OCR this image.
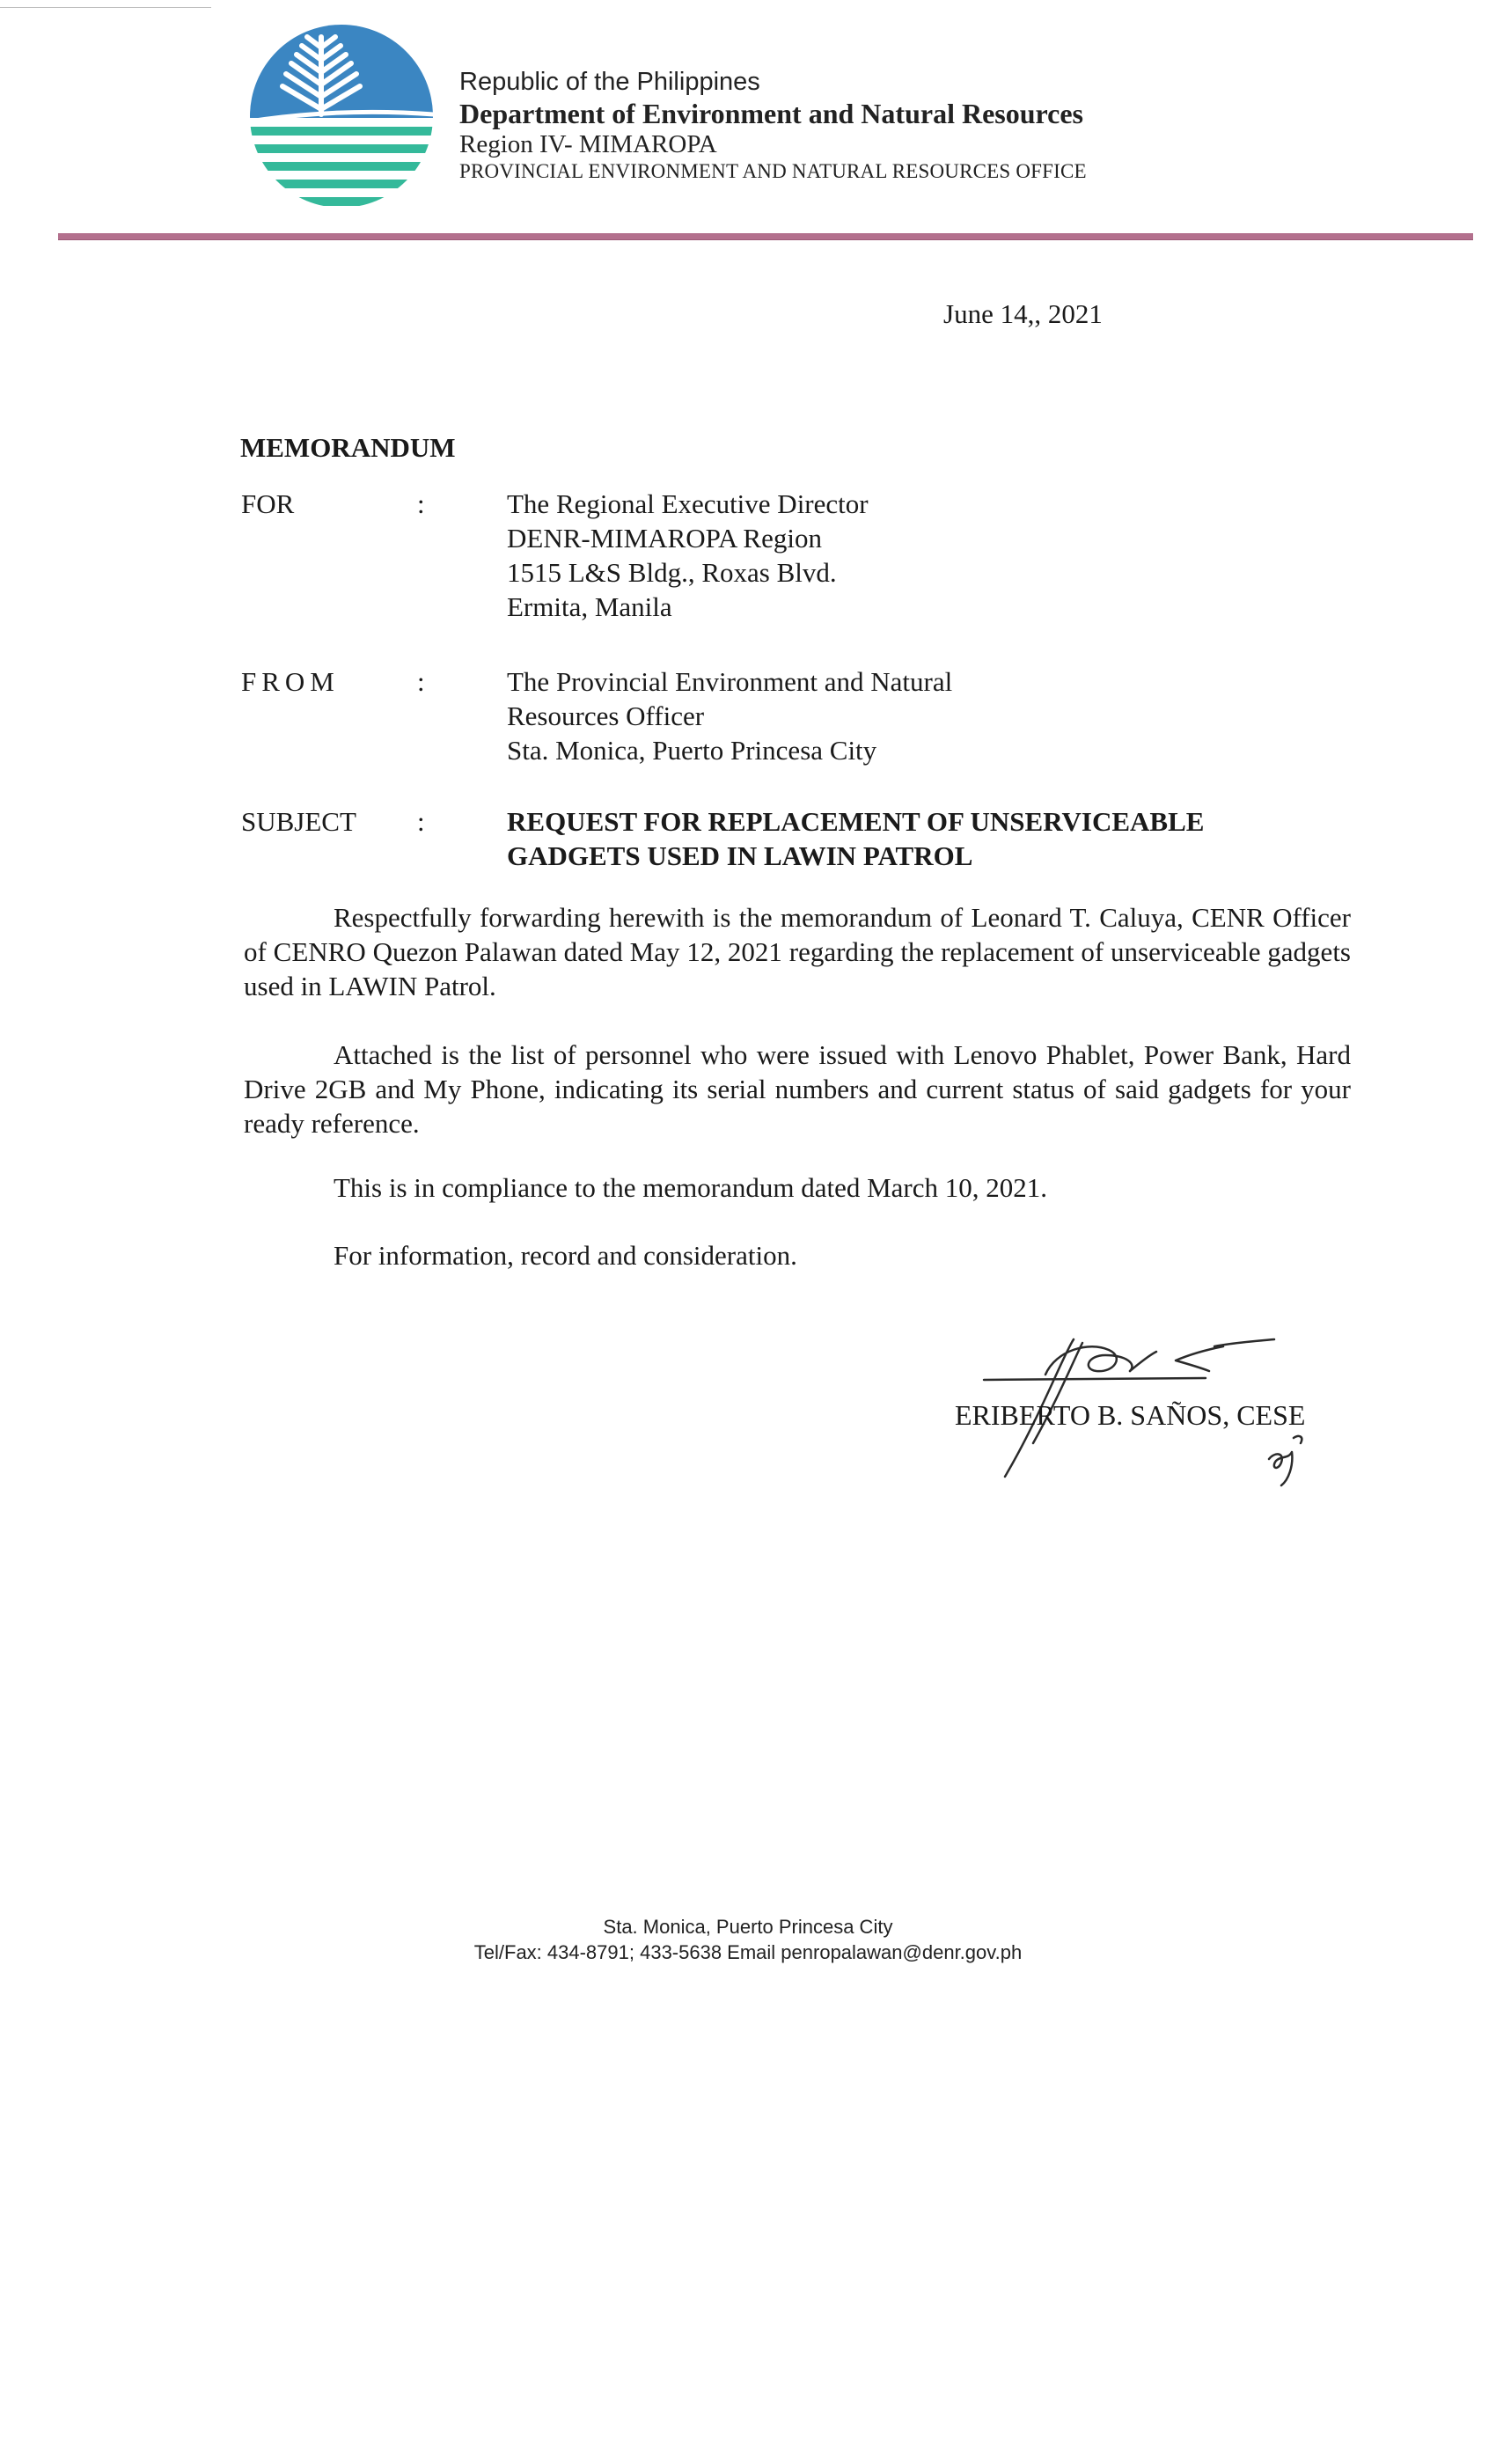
Republic of the Philippines
Department of Environment and Natural Resources
Region IV- MIMAROPA
PROVINCIAL ENVIRONMENT AND NATURAL RESOURCES OFFICE
June 14,, 2021
MEMORANDUM
FOR	:	The Regional Executive Director
DENR-MIMAROPA Region
1515 L&S Bldg., Roxas Blvd.
Ermita, Manila
FROM	:	The Provincial Environment and Natural
Resources Officer
Sta. Monica, Puerto Princesa City
SUBJECT :	REQUEST FOR REPLACEMENT OF UNSERVICEABLE
GADGETS USED IN LAWIN PATROL

Respectfully forwarding herewith is the memorandum of Leonard T. Caluya, CENR Officer of CENRO Quezon Palawan dated May 12, 2021 regarding the replacement of unserviceable gadgets used in LAWIN Patrol.

Attached is the list of personnel who were issued with Lenovo Phablet, Power Bank, Hard Drive 2GB and My Phone, indicating its serial numbers and current status of said gadgets for your ready reference.

This is in compliance to the memorandum dated March 10, 2021.

For information, record and consideration.

ERIBERTO B. SAÑOS, CESE
Sta. Monica, Puerto Princesa City
Tel/Fax: 434-8791; 433-5638 Email penropalawan@denr.gov.ph
